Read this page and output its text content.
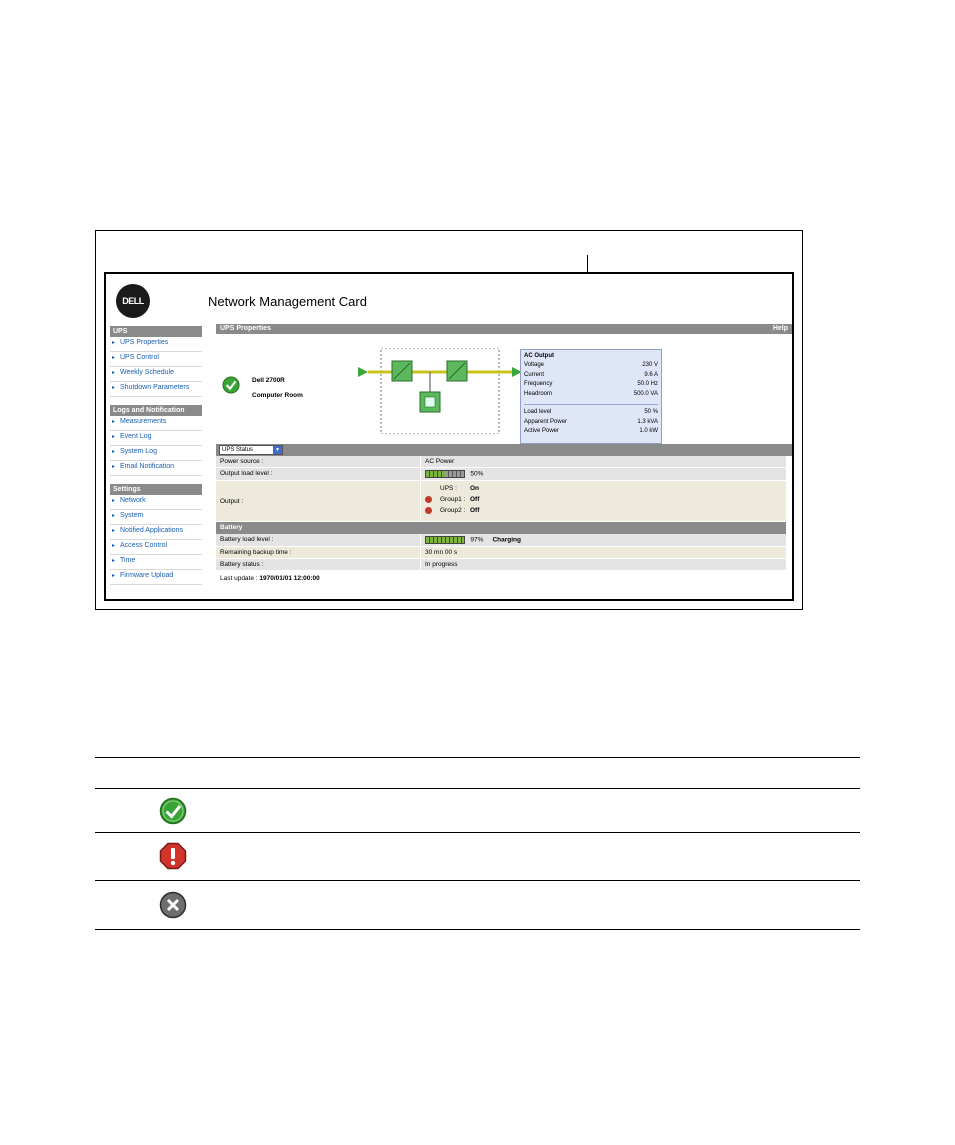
DELL	Network Management Card
UPS
▸ UPS Properties
▸ UPS Control
▸ Weekly Schedule
▸ Shutdown Parameters
Logs and Notification
▸ Measurements
▸ Event Log
▸ System Log
▸ Email Notification
Settings
▸ Network
▸ System
▸ Notified Applications
▸ Access Control
▸ Time
▸ Firmware Upload
UPS Properties	Help
Dell 2700R
Computer Room
AC Output
Voltage	230 V
Current	9.6 A
Frequency	50.0 Hz
Headroom	500.0 VA
Load level	50 %
Apparent Power	1.3 kVA
Active Power	1.0 kW
UPS Status	▼
Power source :	AC Power
Output load level :	50%
Output :
UPS :	On
Group1 : Off
Group2 : Off
Battery
Battery load level :	97% Charging
Remaining backup time :	30 mn 00 s
Battery status :	In progress
Last update : 1970/01/01 12:00:00
